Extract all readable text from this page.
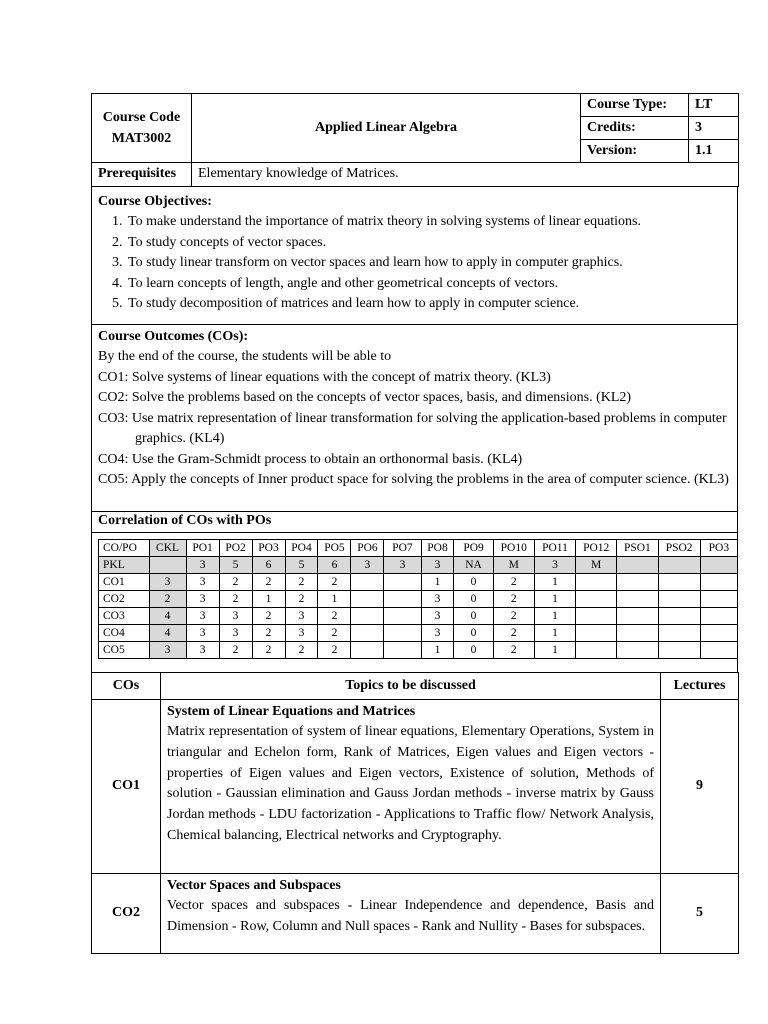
Course Code
MAT3002	Applied Linear Algebra	Course Type:	LT
		Credits:	3
		Version:	1.1
Prerequisites	Elementary knowledge of Matrices.
Course Objectives:
1. To make understand the importance of matrix theory in solving systems of linear equations.
2. To study concepts of vector spaces.
3. To study linear transform on vector spaces and learn how to apply in computer graphics.
4. To learn concepts of length, angle and other geometrical concepts of vectors.
5. To study decomposition of matrices and learn how to apply in computer science.
Course Outcomes (COs):
By the end of the course, the students will be able to
CO1: Solve systems of linear equations with the concept of matrix theory. (KL3)
CO2: Solve the problems based on the concepts of vector spaces, basis, and dimensions. (KL2)
CO3: Use matrix representation of linear transformation for solving the application-based problems in computer graphics. (KL4)
CO4: Use the Gram-Schmidt process to obtain an orthonormal basis. (KL4)
CO5: Apply the concepts of Inner product space for solving the problems in the area of computer science. (KL3)
Correlation of COs with POs
CO/PO	CKL	PO1	PO2	PO3	PO4	PO5	PO6	PO7	PO8	PO9	PO10	PO11	PO12	PSO1	PSO2	PO3
PKL		3	5	6	5	6	3	3	3	NA	M	3	M			
CO1	3	3	2	2	2	2			1	0	2	1				
CO2	2	3	2	1	2	1			3	0	2	1				
CO3	4	3	3	2	3	2			3	0	2	1				
CO4	4	3	3	2	3	2			3	0	2	1				
CO5	3	3	2	2	2	2			1	0	2	1				
COs	Topics to be discussed	Lectures
CO1	System of Linear Equations and Matrices
Matrix representation of system of linear equations, Elementary Operations, System in triangular and Echelon form, Rank of Matrices, Eigen values and Eigen vectors - properties of Eigen values and Eigen vectors, Existence of solution, Methods of solution - Gaussian elimination and Gauss Jordan methods - inverse matrix by Gauss Jordan methods - LDU factorization - Applications to Traffic flow/ Network Analysis, Chemical balancing, Electrical networks and Cryptography.	9
CO2	Vector Spaces and Subspaces
Vector spaces and subspaces - Linear Independence and dependence, Basis and Dimension - Row, Column and Null spaces - Rank and Nullity - Bases for subspaces.	5
